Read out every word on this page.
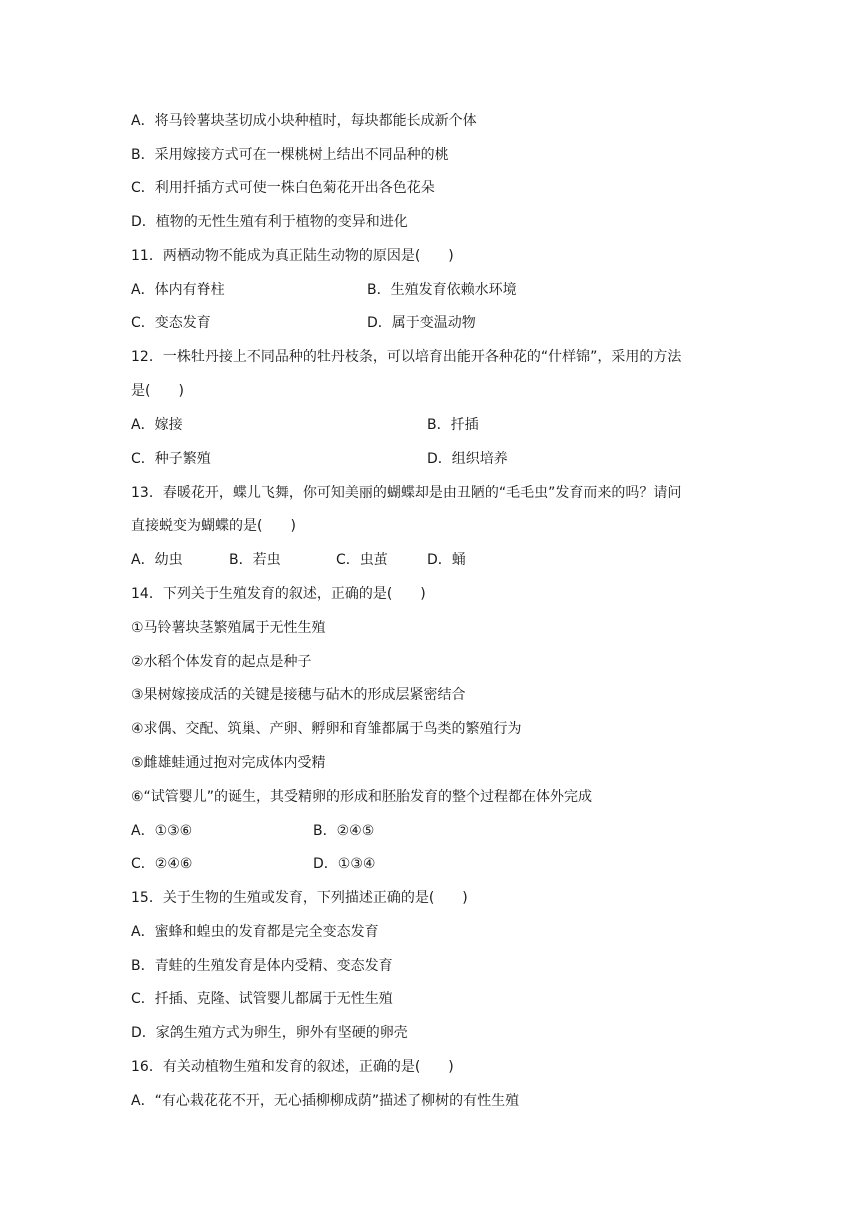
A．将马铃薯块茎切成小块种植时，每块都能长成新个体
B．采用嫁接方式可在一棵桃树上结出不同品种的桃
C．利用扦插方式可使一株白色菊花开出各色花朵
D．植物的无性生殖有利于植物的变异和进化
11．两栖动物不能成为真正陆生动物的原因是(　　)
A．体内有脊柱	B．生殖发育依赖水环境
C．变态发育	D．属于变温动物
12．一株牡丹接上不同品种的牡丹枝条，可以培育出能开各种花的“什样锦”，采用的方法
是(　　)
A．嫁接	B．扦插
C．种子繁殖	D．组织培养
13．春暖花开，蝶儿飞舞，你可知美丽的蝴蝶却是由丑陋的“毛毛虫”发育而来的吗？请问
直接蜕变为蝴蝶的是(　　)
A．幼虫	B．若虫	C．虫茧	D．蛹
14．下列关于生殖发育的叙述，正确的是(　　)
①马铃薯块茎繁殖属于无性生殖
②水稻个体发育的起点是种子
③果树嫁接成活的关键是接穗与砧木的形成层紧密结合
④求偶、交配、筑巢、产卵、孵卵和育雏都属于鸟类的繁殖行为
⑤雌雄蛙通过抱对完成体内受精
⑥“试管婴儿”的诞生，其受精卵的形成和胚胎发育的整个过程都在体外完成
A．①③⑥	B．②④⑤
C．②④⑥	D．①③④
15．关于生物的生殖或发育，下列描述正确的是(　　)
A．蜜蜂和蝗虫的发育都是完全变态发育
B．青蛙的生殖发育是体内受精、变态发育
C．扦插、克隆、试管婴儿都属于无性生殖
D．家鸽生殖方式为卵生，卵外有坚硬的卵壳
16．有关动植物生殖和发育的叙述，正确的是(　　)
A．“有心栽花花不开，无心插柳柳成荫”描述了柳树的有性生殖
